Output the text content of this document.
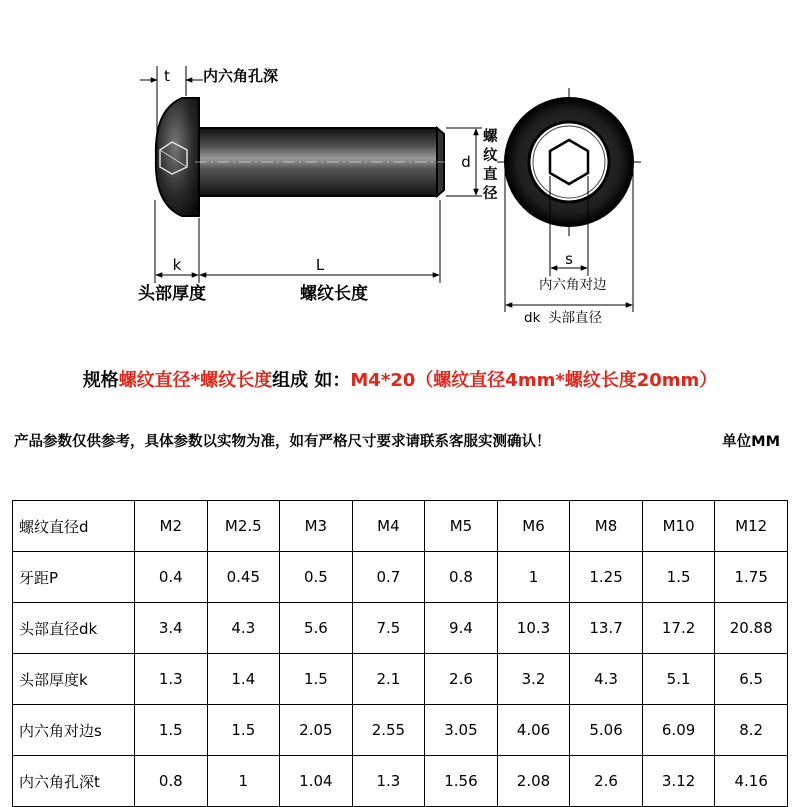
t 内六角孔深
d
螺
纹
直
径
k	L
头部厚度	螺纹长度
s
内六角对边
dk 头部直径
规格螺纹直径*螺纹长度组成 如：M4*20（螺纹直径4mm*螺纹长度20mm）
产品参数仅供参考，具体参数以实物为准，如有严格尺寸要求请联系客服实测确认！	单位MM
螺纹直径d	M2	M2.5	M3	M4	M5	M6	M8	M10	M12
牙距P	0.4	0.45	0.5	0.7	0.8	1	1.25	1.5	1.75
头部直径dk	3.4	4.3	5.6	7.5	9.4	10.3	13.7	17.2	20.88
头部厚度k	1.3	1.4	1.5	2.1	2.6	3.2	4.3	5.1	6.5
内六角对边s	1.5	1.5	2.05	2.55	3.05	4.06	5.06	6.09	8.2
内六角孔深t	0.8	1	1.04	1.3	1.56	2.08	2.6	3.12	4.16
